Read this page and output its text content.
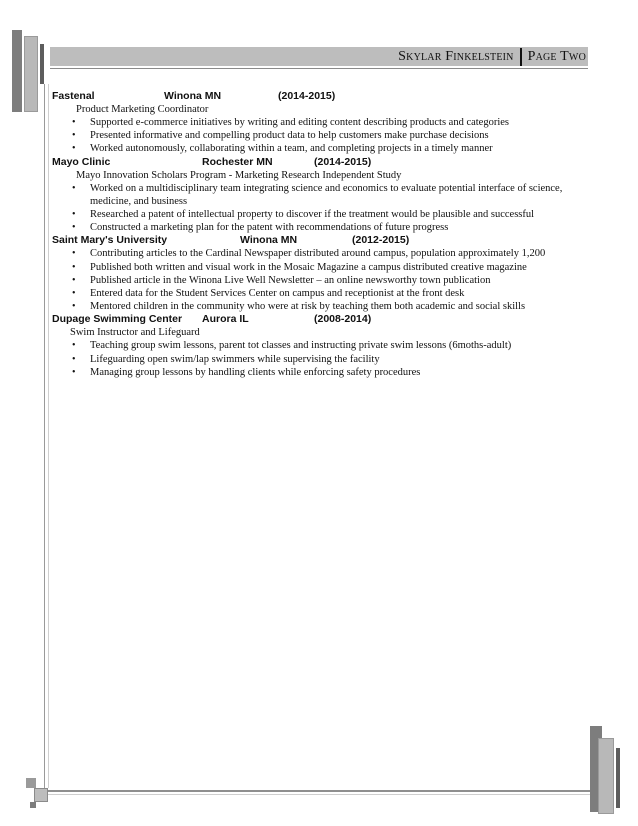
Skylar Finkelstein Page Two
Fastenal	Winona MN	(2014-2015)
Product Marketing Coordinator
• Supported e-commerce initiatives by writing and editing content describing products and categories
• Presented informative and compelling product data to help customers make purchase decisions
• Worked autonomously, collaborating within a team, and completing projects in a timely manner
Mayo Clinic	Rochester MN	(2014-2015)
Mayo Innovation Scholars Program - Marketing Research Independent Study
• Worked on a multidisciplinary team integrating science and economics to evaluate potential interface of science, medicine, and business
• Researched a patent of intellectual property to discover if the treatment would be plausible and successful
• Constructed a marketing plan for the patent with recommendations of future progress
Saint Mary's University	Winona MN	(2012-2015)
• Contributing articles to the Cardinal Newspaper distributed around campus, population approximately 1,200
• Published both written and visual work in the Mosaic Magazine a campus distributed creative magazine
• Published article in the Winona Live Well Newsletter – an online newsworthy town publication
• Entered data for the Student Services Center on campus and receptionist at the front desk
• Mentored children in the community who were at risk by teaching them both academic and social skills
Dupage Swimming Center Aurora IL	(2008-2014)
Swim Instructor and Lifeguard
• Teaching group swim lessons, parent tot classes and instructing private swim lessons (6moths-adult)
• Lifeguarding open swim/lap swimmers while supervising the facility
• Managing group lessons by handling clients while enforcing safety procedures
